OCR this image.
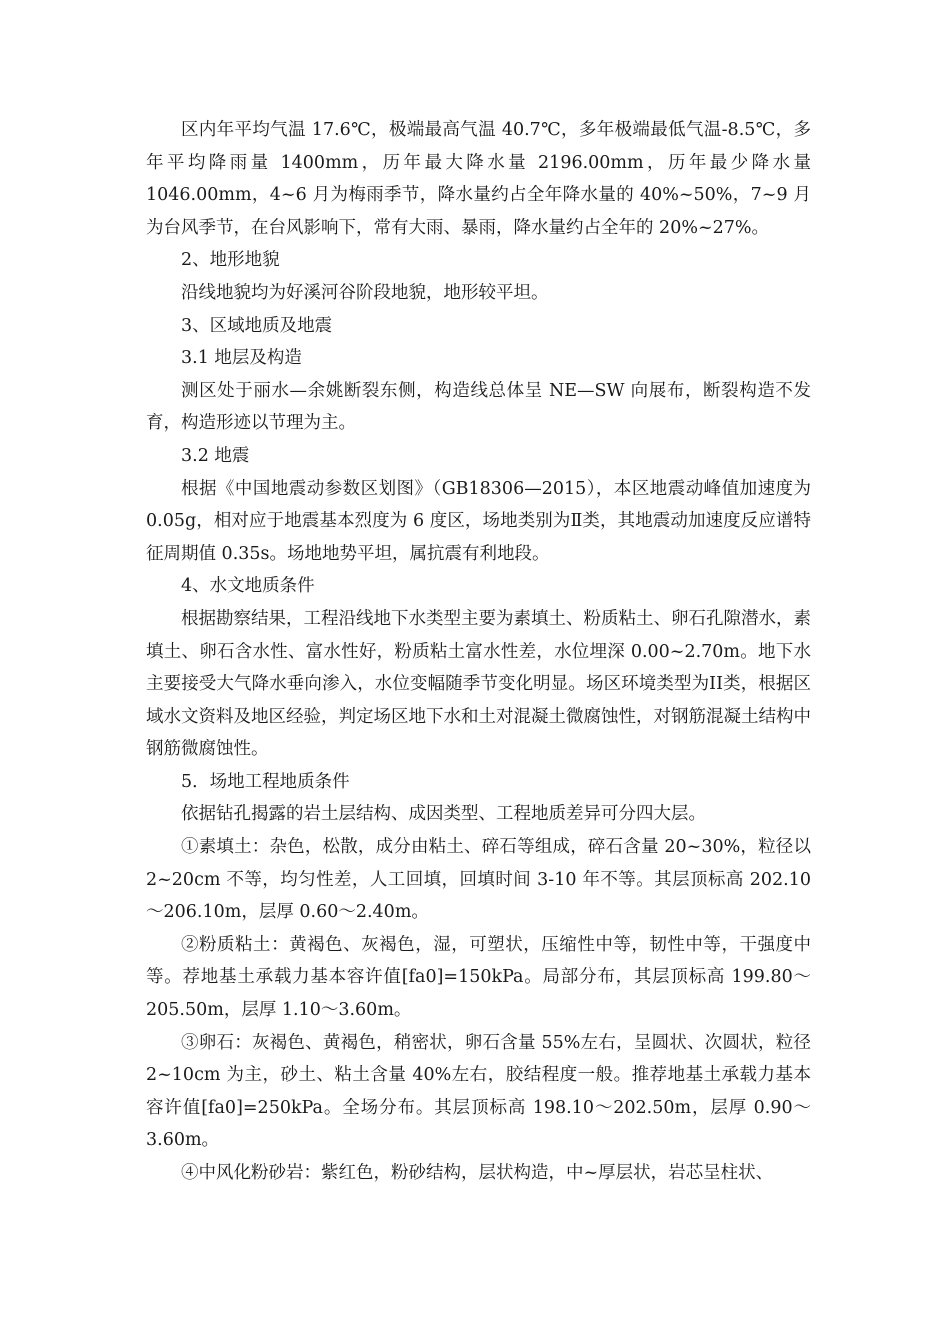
区内年平均气温 17.6℃，极端最高气温 40.7℃，多年极端最低气温-8.5℃，多年平均降雨量 1400mm，历年最大降水量 2196.00mm，历年最少降水量 1046.00mm，4~6 月为梅雨季节，降水量约占全年降水量的 40%~50%，7~9 月为台风季节，在台风影响下，常有大雨、暴雨，降水量约占全年的 20%~27%。

2、地形地貌

沿线地貌均为好溪河谷阶段地貌，地形较平坦。

3、区域地质及地震

3.1 地层及构造

测区处于丽水—余姚断裂东侧，构造线总体呈 NE—SW 向展布，断裂构造不发育，构造形迹以节理为主。

3.2 地震

根据《中国地震动参数区划图》（GB18306—2015），本区地震动峰值加速度为 0.05g，相对应于地震基本烈度为 6 度区，场地类别为Ⅱ类，其地震动加速度反应谱特征周期值 0.35s。场地地势平坦，属抗震有利地段。

4、水文地质条件

根据勘察结果，工程沿线地下水类型主要为素填土、粉质粘土、卵石孔隙潜水，素填土、卵石含水性、富水性好，粉质粘土富水性差，水位埋深 0.00~2.70m。地下水主要接受大气降水垂向渗入，水位变幅随季节变化明显。场区环境类型为II类，根据区域水文资料及地区经验，判定场区地下水和土对混凝土微腐蚀性，对钢筋混凝土结构中钢筋微腐蚀性。

5．场地工程地质条件

依据钻孔揭露的岩土层结构、成因类型、工程地质差异可分四大层。

①素填土：杂色，松散，成分由粘土、碎石等组成，碎石含量 20~30%，粒径以 2~20cm 不等，均匀性差，人工回填，回填时间 3-10 年不等。其层顶标高 202.10～206.10m，层厚 0.60～2.40m。

②粉质粘土：黄褐色、灰褐色，湿，可塑状，压缩性中等，韧性中等，干强度中等。荐地基土承载力基本容许值[fa0]=150kPa。局部分布，其层顶标高 199.80～205.50m，层厚 1.10～3.60m。

③卵石：灰褐色、黄褐色，稍密状，卵石含量 55%左右，呈圆状、次圆状，粒径 2~10cm 为主，砂土、粘土含量 40%左右，胶结程度一般。推荐地基土承载力基本容许值[fa0]=250kPa。全场分布。其层顶标高 198.10～202.50m，层厚 0.90～3.60m。

④中风化粉砂岩：紫红色，粉砂结构，层状构造，中~厚层状，岩芯呈柱状、
